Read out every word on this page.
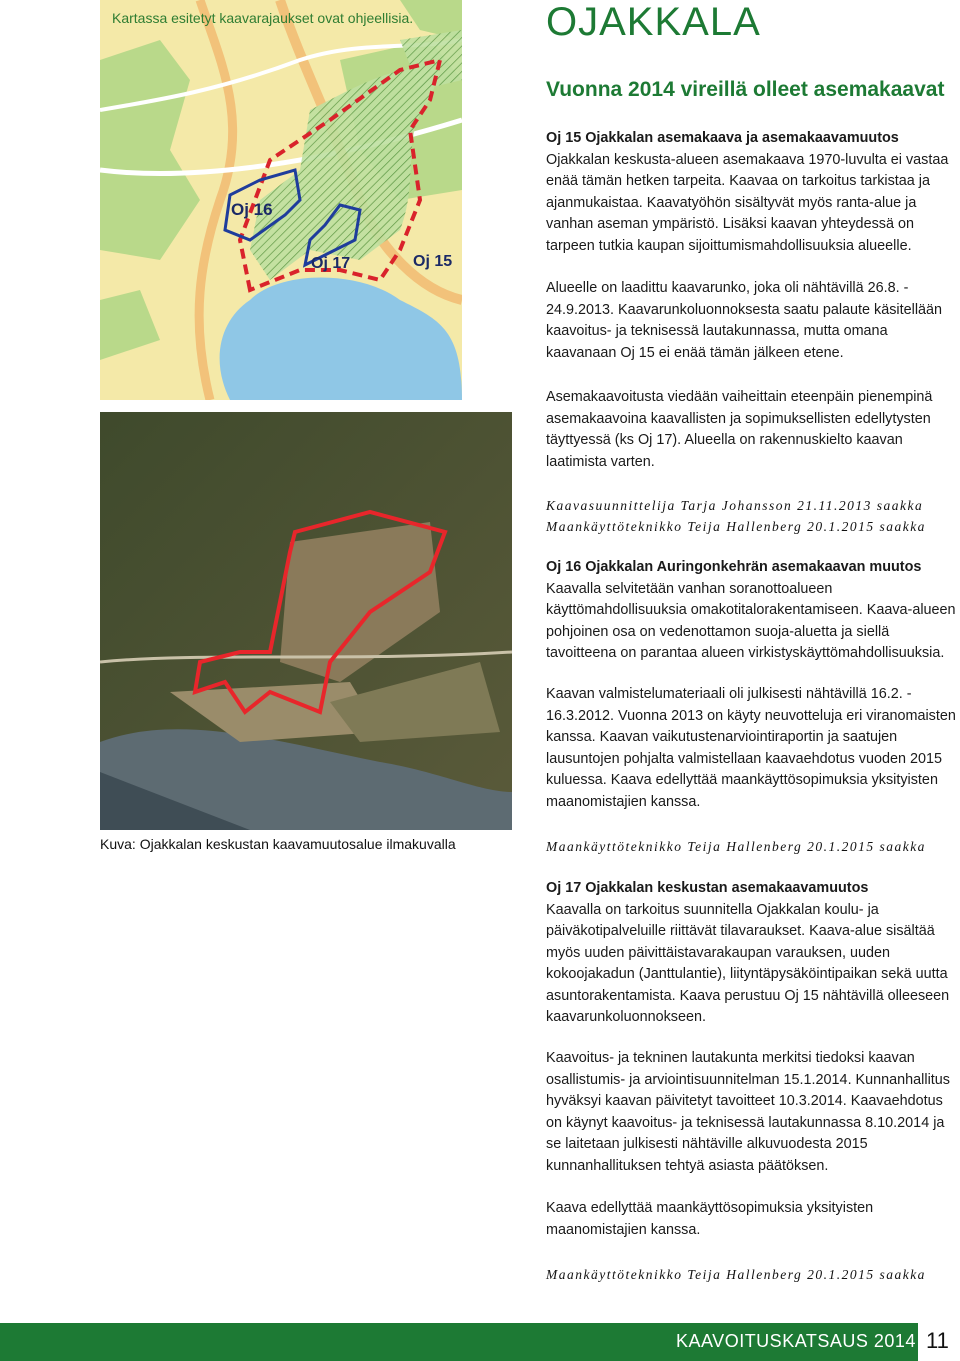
Kartassa esitetyt kaavarajaukset ovat ohjeellisia.
Oj 16
Oj 17	Oj 15
Kuva: Ojakkalan keskustan kaavamuutosalue ilmakuvalla
OJAKKALA
Vuonna 2014 vireillä olleet asemakaavat

Oj 15 Ojakkalan asemakaava ja asemakaavamuutos

Ojakkalan keskusta-alueen asemakaava 1970-luvulta ei vastaa enää tämän hetken tarpeita. Kaavaa on tarkoitus tarkistaa ja ajanmukaistaa. Kaavatyöhön sisältyvät myös ranta-alue ja vanhan aseman ympäristö. Lisäksi kaavan yhteydessä on tarpeen tutkia kaupan sijoittumismahdollisuuksia alueelle.

Alueelle on laadittu kaavarunko, joka oli nähtävillä 26.8. - 24.9.2013. Kaavarunkoluonnoksesta saatu palaute käsitellään kaavoitus- ja teknisessä lautakunnassa, mutta omana kaavanaan Oj 15 ei enää tämän jälkeen etene.
Asemakaavoitusta viedään vaiheittain eteenpäin pienempinä asemakaavoina kaavallisten ja sopimuksellisten edellytysten täyttyessä (ks Oj 17). Alueella on rakennuskielto kaavan laatimista varten.
Kaavasuunnittelija Tarja Johansson 21.11.2013 saakka
Maankäyttöteknikko Teija Hallenberg 20.1.2015 saakka

Oj 16 Ojakkalan Auringonkehrän asemakaavan muutos

Kaavalla selvitetään vanhan soranottoalueen käyttömahdollisuuksia omakotitalorakentamiseen. Kaava-alueen pohjoinen osa on vedenottamon suoja-aluetta ja siellä tavoitteena on parantaa alueen virkistyskäyttömahdollisuuksia.

Kaavan valmistelumateriaali oli julkisesti nähtävillä 16.2. - 16.3.2012. Vuonna 2013 on käyty neuvotteluja eri viranomaisten kanssa. Kaavan vaikutustenarviointiraportin ja saatujen lausuntojen pohjalta valmistellaan kaavaehdotus vuoden 2015 kuluessa. Kaava edellyttää maankäyttösopimuksia yksityisten maanomistajien kanssa.
Maankäyttöteknikko Teija Hallenberg 20.1.2015 saakka

Oj 17 Ojakkalan keskustan asemakaavamuutos

Kaavalla on tarkoitus suunnitella Ojakkalan koulu- ja päiväkotipalveluille riittävät tilavaraukset. Kaava-alue sisältää myös uuden päivittäistavarakaupan varauksen, uuden kokoojakadun (Janttulantie), liityntäpysäköintipaikan sekä uutta asuntorakentamista. Kaava perustuu Oj 15 nähtävillä olleeseen kaavarunkoluonnokseen.

Kaavoitus- ja tekninen lautakunta merkitsi tiedoksi kaavan osallistumis- ja arviointisuunnitelman 15.1.2014. Kunnanhallitus hyväksyi kaavan päivitetyt tavoitteet 10.3.2014. Kaavaehdotus on käynyt kaavoitus- ja teknisessä lautakunnassa 8.10.2014 ja se laitetaan julkisesti nähtäville alkuvuodesta 2015 kunnanhallituksen tehtyä asiasta päätöksen.
Kaava edellyttää maankäyttösopimuksia yksityisten maanomistajien kanssa.
Maankäyttöteknikko Teija Hallenberg 20.1.2015 saakka
KAAVOITUSKATSAUS 2014 11
